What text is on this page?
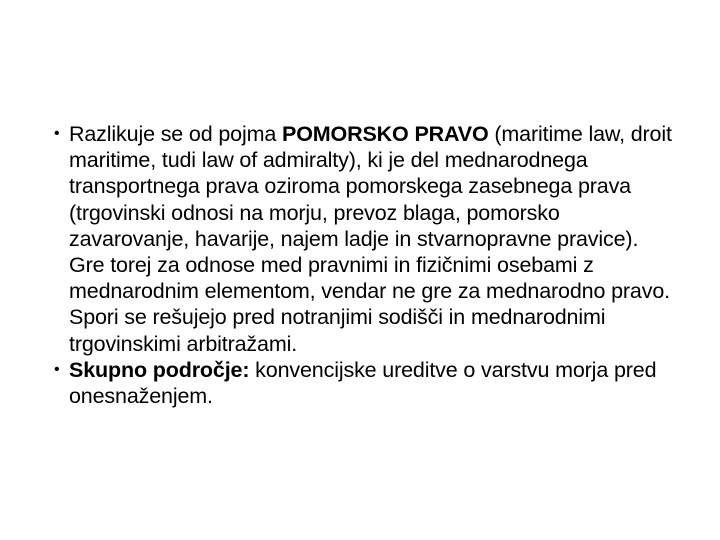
• Razlikuje se od pojma POMORSKO PRAVO (maritime law, droit maritime, tudi law of admiralty), ki je del mednarodnega transportnega prava oziroma pomorskega zasebnega prava (trgovinski odnosi na morju, prevoz blaga, pomorsko zavarovanje, havarije, najem ladje in stvarnopravne pravice). Gre torej za odnose med pravnimi in fizičnimi osebami z mednarodnim elementom, vendar ne gre za mednarodno pravo. Spori se rešujejo pred notranjimi sodišči in mednarodnimi trgovinskimi arbitražami.
• Skupno področje: konvencijske ureditve o varstvu morja pred onesnaženjem.
